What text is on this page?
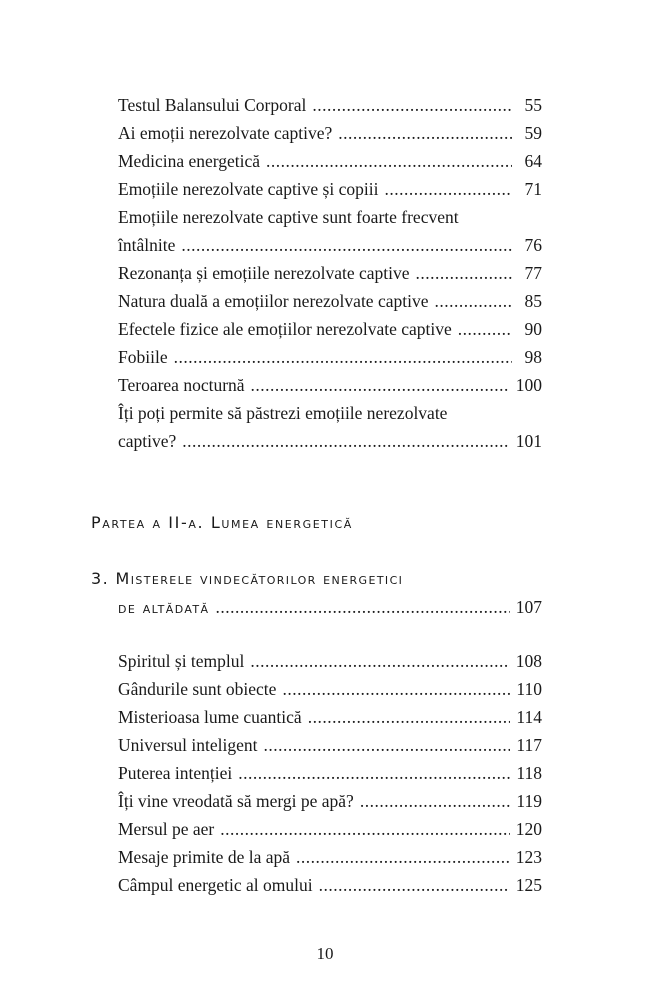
Testul Balansului Corporal .....	55
Ai emoții nerezolvate captive? .....	59
Medicina energetică .....	64
Emoțiile nerezolvate captive și copiii .....	71
Emoțiile nerezolvate captive sunt foarte frecvent
întâlnite .....	76
Rezonanța și emoțiile nerezolvate captive .....	77
Natura duală a emoțiilor nerezolvate captive .....	85
Efectele fizice ale emoțiilor nerezolvate captive .....	90
Fobiile .....	98
Teroarea nocturnă .....	100
Îți poți permite să păstrezi emoțiile nerezolvate
captive? .....	101
Partea a II-a. Lumea energetică
3. Misterele vindecătorilor energetici
de altădată .....	107
Spiritul și templul .....	108
Gândurile sunt obiecte .....	110
Misterioasa lume cuantică .....	114
Universul inteligent .....	117
Puterea intenției .....	118
Îți vine vreodată să mergi pe apă? .....	119
Mersul pe aer .....	120
Mesaje primite de la apă .....	123
Câmpul energetic al omului .....	125
10
